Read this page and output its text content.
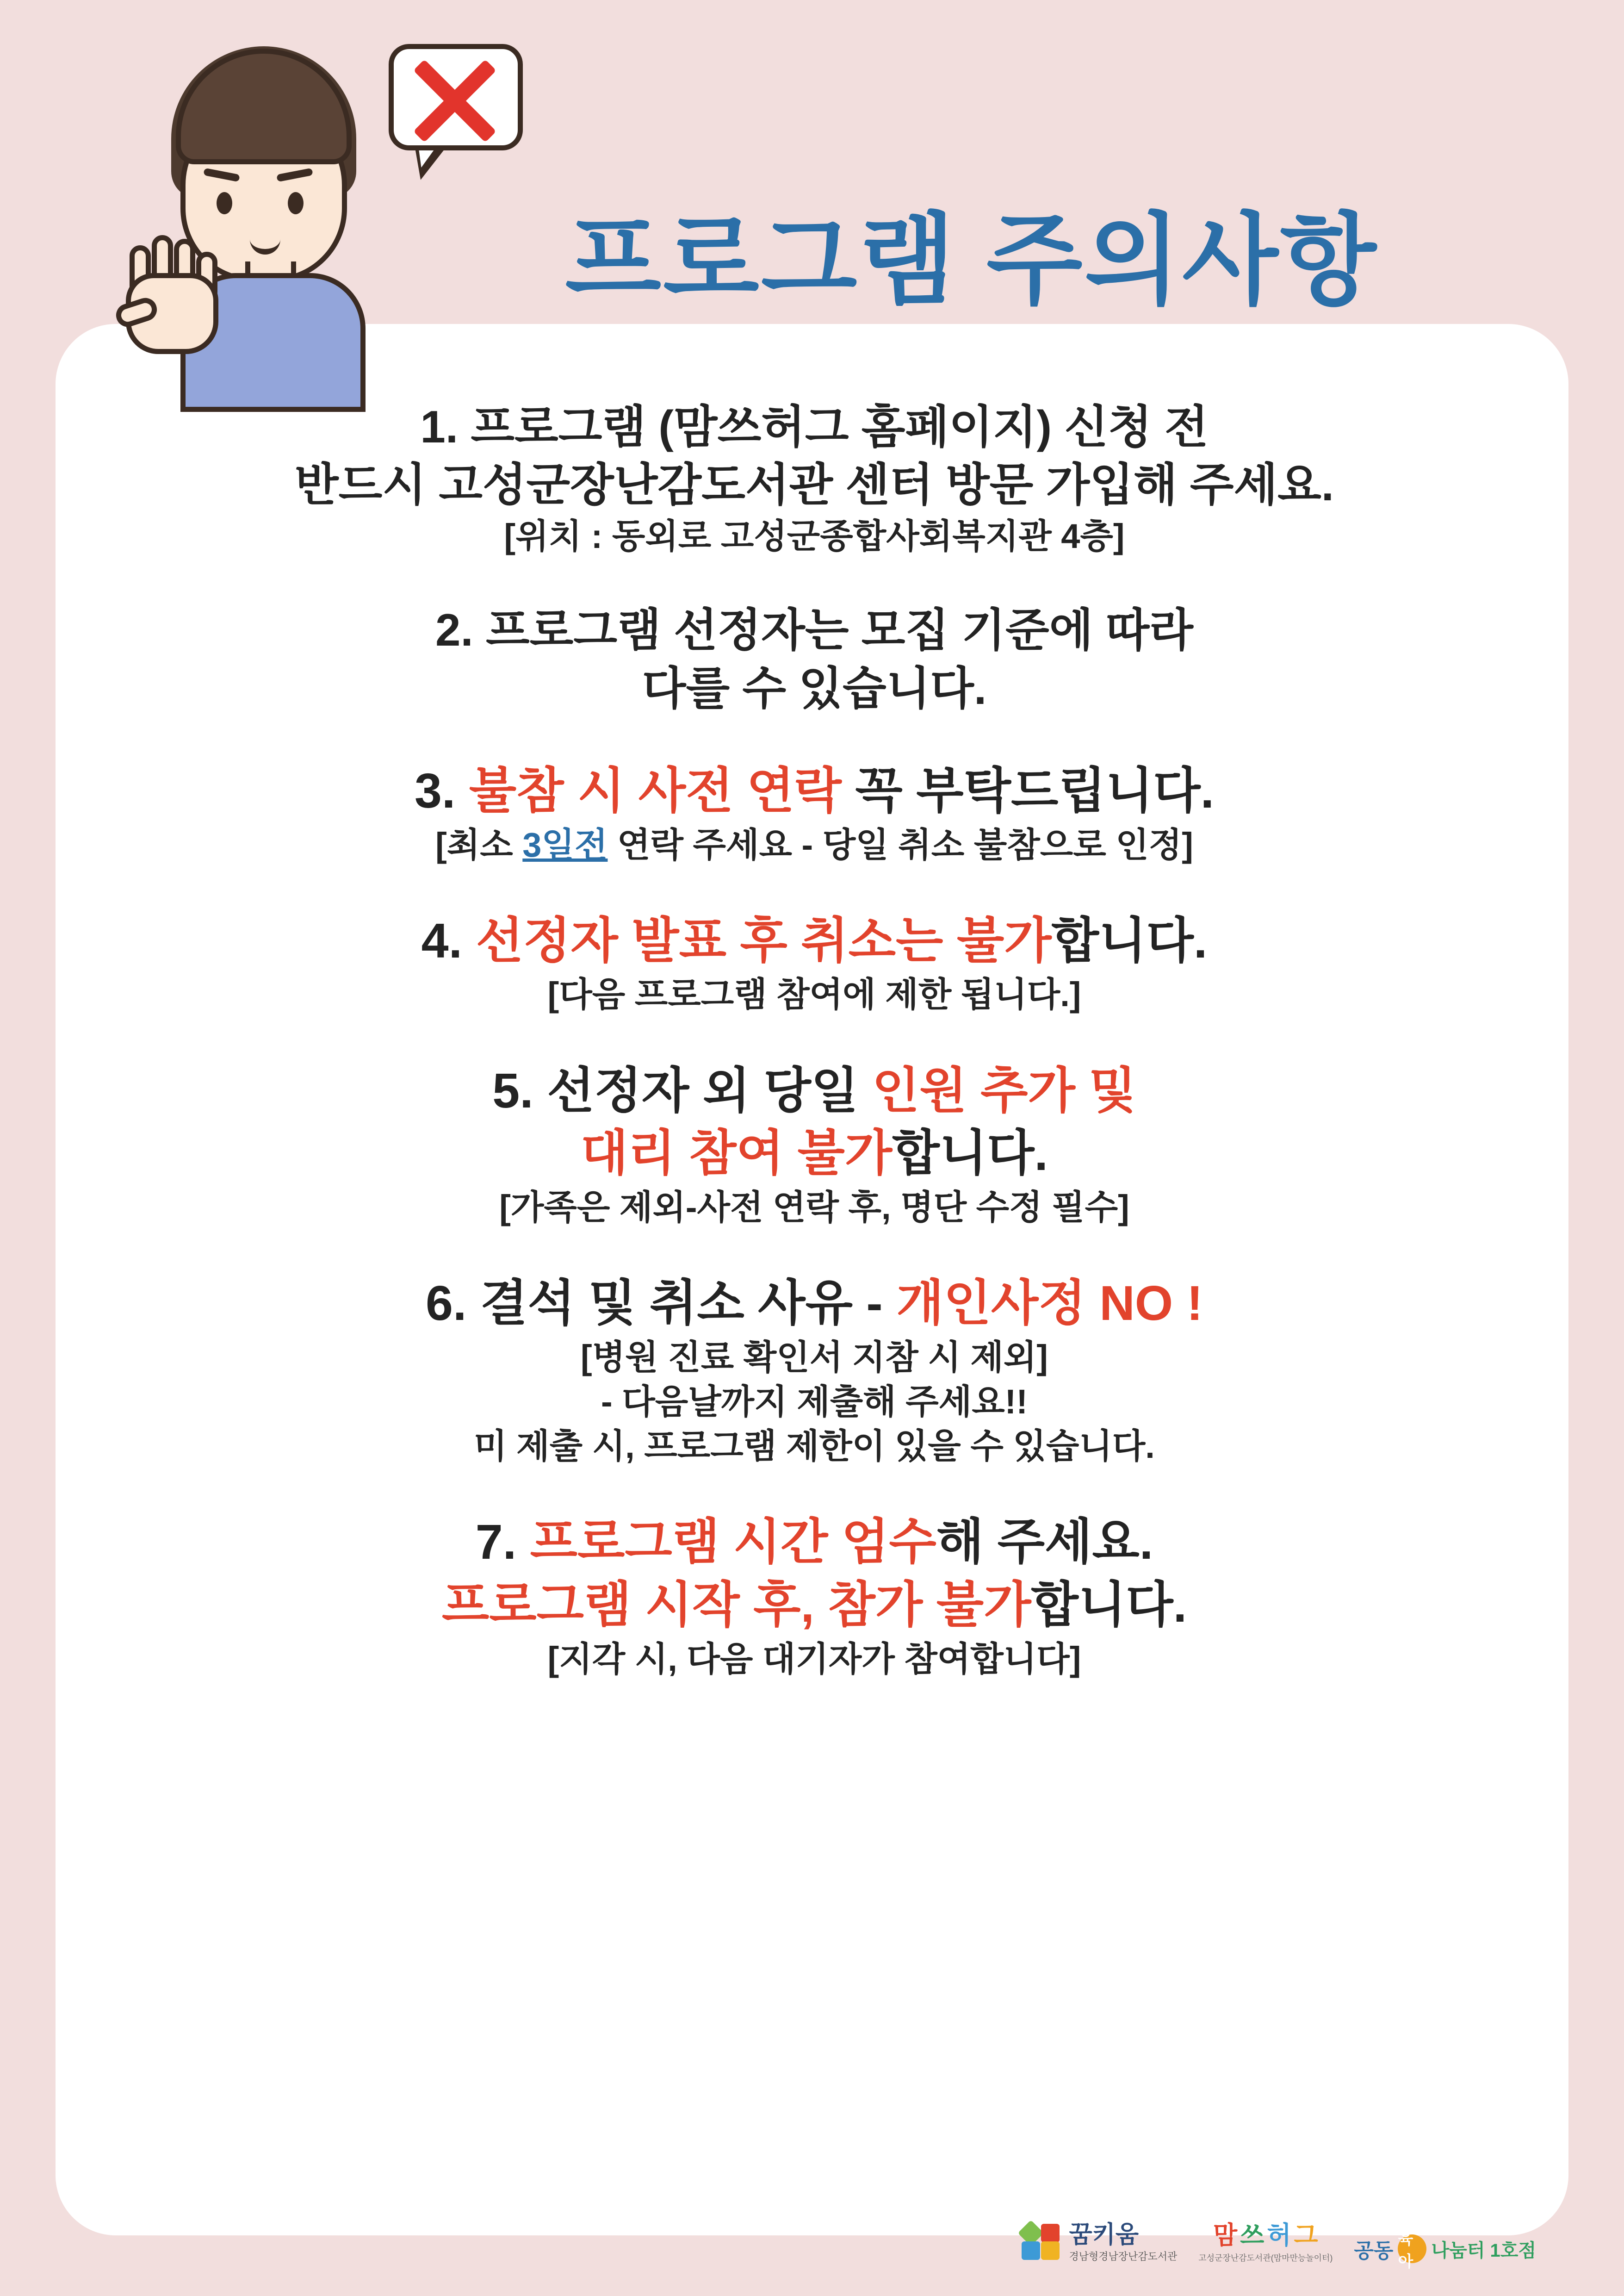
프로그램 주의사항
1. 프로그램 (맘쓰허그 홈페이지) 신청 전
반드시 고성군장난감도서관 센터 방문 가입해 주세요.
[위치 : 동외로 고성군종합사회복지관 4층]
2. 프로그램 선정자는 모집 기준에 따라
다를 수 있습니다.
3. 불참 시 사전 연락 꼭 부탁드립니다.
[최소 3일전 연락 주세요 - 당일 취소 불참으로 인정]
4. 선정자 발표 후 취소는 불가합니다.
[다음 프로그램 참여에 제한 됩니다.]
5. 선정자 외 당일 인원 추가 및
대리 참여 불가합니다.
[가족은 제외-사전 연락 후, 명단 수정 필수]
6. 결석 및 취소 사유 - 개인사정 NO !
[병원 진료 확인서 지참 시 제외]
- 다음날까지 제출해 주세요!!
미 제출 시, 프로그램 제한이 있을 수 있습니다.
7. 프로그램 시간 엄수해 주세요.
프로그램 시작 후, 참가 불가합니다.
[지각 시, 다음 대기자가 참여합니다]
꿈키움
경남형경남장난감도서관
맘 쓰 허 그
고성군장난감도서관(맘마만능놀이터) 공동
육아
나눔터 1호점
